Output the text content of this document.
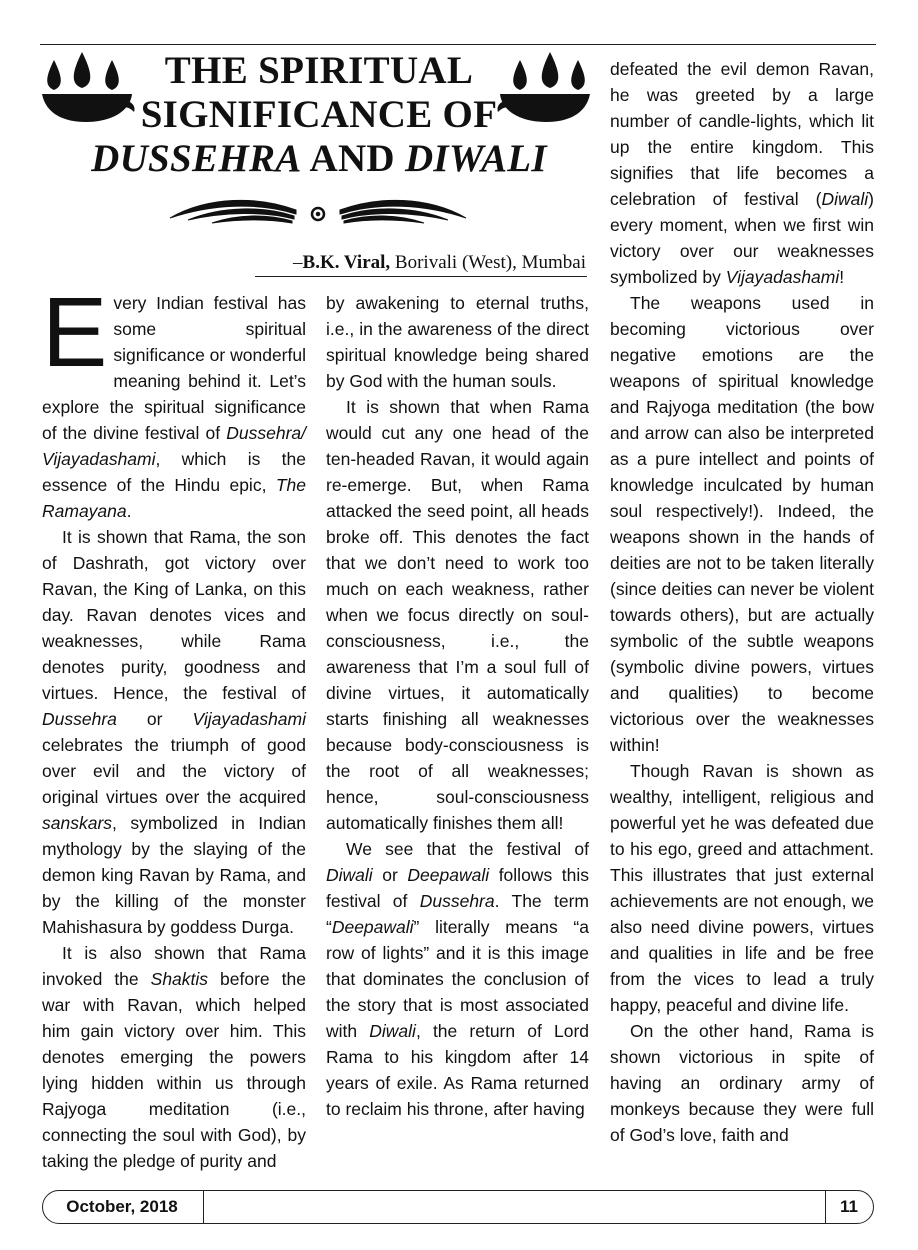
THE SPIRITUAL
SIGNIFICANCE OF
DUSSEHRA AND DIWALI
–B.K. Viral, Borivali (West), Mumbai

Every Indian festival has some spiritual significance or wonderful meaning behind it. Let’s explore the spiritual significance of the divine festival of Dussehra/ Vijayadashami, which is the essence of the Hindu epic, The Ramayana.

It is shown that Rama, the son of Dashrath, got victory over Ravan, the King of Lanka, on this day. Ravan denotes vices and weaknesses, while Rama denotes purity, goodness and virtues. Hence, the festival of Dussehra or Vijayadashami celebrates the triumph of good over evil and the victory of original virtues over the acquired sanskars, symbolized in Indian mythology by the slaying of the demon king Ravan by Rama, and by the killing of the monster Mahishasura by goddess Durga.

It is also shown that Rama invoked the Shaktis before the war with Ravan, which helped him gain victory over him. This denotes emerging the powers lying hidden within us through Rajyoga meditation (i.e., connecting the soul with God), by taking the pledge of purity and

by awakening to eternal truths, i.e., in the awareness of the direct spiritual knowledge being shared by God with the human souls.

It is shown that when Rama would cut any one head of the ten-headed Ravan, it would again re-emerge. But, when Rama attacked the seed point, all heads broke off. This denotes the fact that we don’t need to work too much on each weakness, rather when we focus directly on soul-consciousness, i.e., the awareness that I’m a soul full of divine virtues, it automatically starts finishing all weaknesses because body-consciousness is the root of all weaknesses; hence, soul-consciousness automatically finishes them all!

We see that the festival of Diwali or Deepawali follows this festival of Dussehra. The term “Deepawali” literally means “a row of lights” and it is this image that dominates the conclusion of the story that is most associated with Diwali, the return of Lord Rama to his kingdom after 14 years of exile. As Rama returned to reclaim his throne, after having

defeated the evil demon Ravan, he was greeted by a large number of candle-lights, which lit up the entire kingdom. This signifies that life becomes a celebration of festival (Diwali) every moment, when we first win victory over our weaknesses symbolized by Vijayadashami!

The weapons used in becoming victorious over negative emotions are the weapons of spiritual knowledge and Rajyoga meditation (the bow and arrow can also be interpreted as a pure intellect and points of knowledge inculcated by human soul respectively!). Indeed, the weapons shown in the hands of deities are not to be taken literally (since deities can never be violent towards others), but are actually symbolic of the subtle weapons (symbolic divine powers, virtues and qualities) to become victorious over the weaknesses within!

Though Ravan is shown as wealthy, intelligent, religious and powerful yet he was defeated due to his ego, greed and attachment. This illustrates that just external achievements are not enough, we also need divine powers, virtues and qualities in life and be free from the vices to lead a truly happy, peaceful and divine life.

On the other hand, Rama is shown victorious in spite of having an ordinary army of monkeys because they were full of God’s love, faith and

October, 2018	11
